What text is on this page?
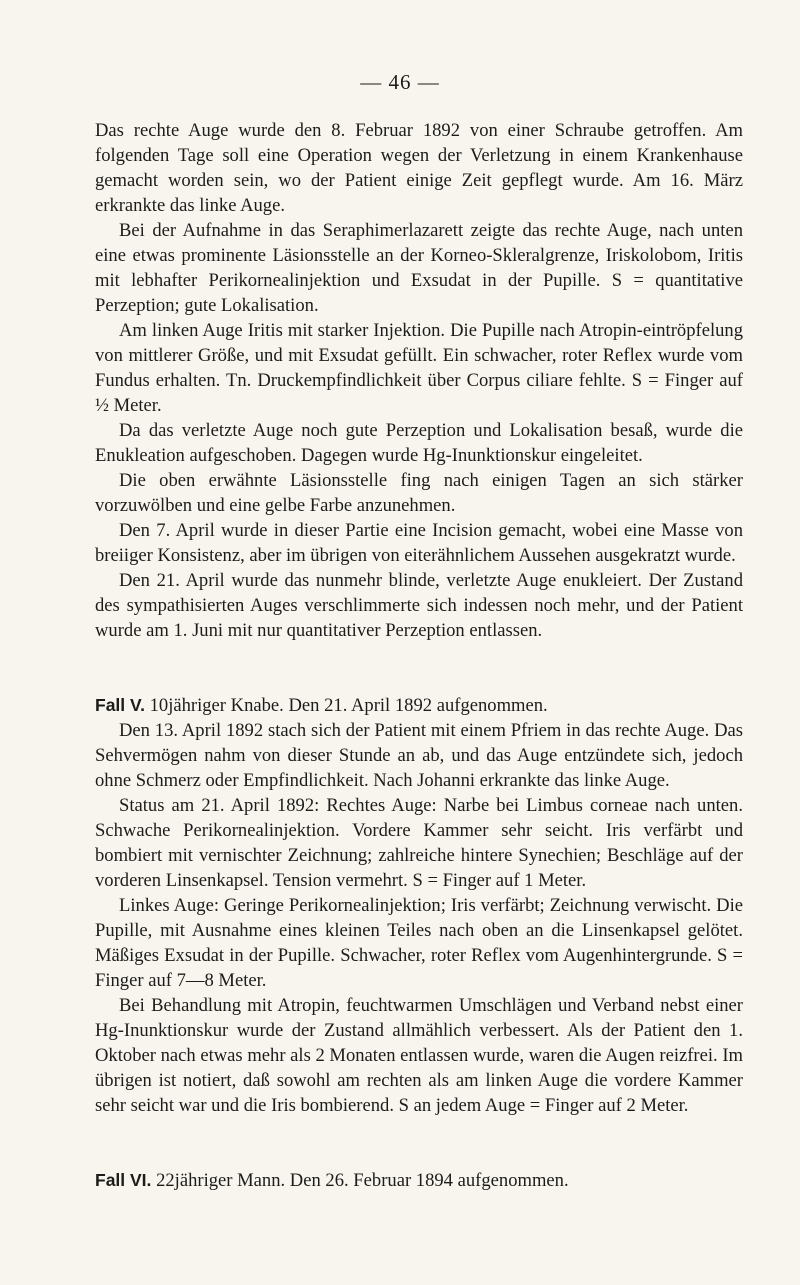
— 46 —

Das rechte Auge wurde den 8. Februar 1892 von einer Schraube getroffen. Am folgenden Tage soll eine Operation wegen der Verletzung in einem Krankenhause gemacht worden sein, wo der Patient einige Zeit gepflegt wurde. Am 16. März erkrankte das linke Auge.

Bei der Aufnahme in das Seraphimerlazarett zeigte das rechte Auge, nach unten eine etwas prominente Läsionsstelle an der Korneo-Skleralgrenze, Iriskolobom, Iritis mit lebhafter Perikornealinjektion und Exsudat in der Pupille. S = quantitative Perzeption; gute Lokalisation.

Am linken Auge Iritis mit starker Injektion. Die Pupille nach Atropin-eintröpfelung von mittlerer Größe, und mit Exsudat gefüllt. Ein schwacher, roter Reflex wurde vom Fundus erhalten. Tn. Druckempfindlichkeit über Corpus ciliare fehlte. S = Finger auf ½ Meter.

Da das verletzte Auge noch gute Perzeption und Lokalisation besaß, wurde die Enukleation aufgeschoben. Dagegen wurde Hg-Inunktionskur eingeleitet.

Die oben erwähnte Läsionsstelle fing nach einigen Tagen an sich stärker vorzuwölben und eine gelbe Farbe anzunehmen.

Den 7. April wurde in dieser Partie eine Incision gemacht, wobei eine Masse von breiiger Konsistenz, aber im übrigen von eiterähnlichem Aussehen ausgekratzt wurde.

Den 21. April wurde das nunmehr blinde, verletzte Auge enukleiert. Der Zustand des sympathisierten Auges verschlimmerte sich indessen noch mehr, und der Patient wurde am 1. Juni mit nur quantitativer Perzeption entlassen.

Fall V. 10jähriger Knabe. Den 21. April 1892 aufgenommen.

Den 13. April 1892 stach sich der Patient mit einem Pfriem in das rechte Auge. Das Sehvermögen nahm von dieser Stunde an ab, und das Auge entzündete sich, jedoch ohne Schmerz oder Empfindlichkeit. Nach Johanni erkrankte das linke Auge.

Status am 21. April 1892: Rechtes Auge: Narbe bei Limbus corneae nach unten. Schwache Perikornealinjektion. Vordere Kammer sehr seicht. Iris verfärbt und bombiert mit vernischter Zeichnung; zahlreiche hintere Synechien; Beschläge auf der vorderen Linsenkapsel. Tension vermehrt. S = Finger auf 1 Meter.

Linkes Auge: Geringe Perikornealinjektion; Iris verfärbt; Zeichnung verwischt. Die Pupille, mit Ausnahme eines kleinen Teiles nach oben an die Linsenkapsel gelötet. Mäßiges Exsudat in der Pupille. Schwacher, roter Reflex vom Augenhintergrunde. S = Finger auf 7—8 Meter.

Bei Behandlung mit Atropin, feuchtwarmen Umschlägen und Verband nebst einer Hg-Inunktionskur wurde der Zustand allmählich verbessert. Als der Patient den 1. Oktober nach etwas mehr als 2 Monaten entlassen wurde, waren die Augen reizfrei. Im übrigen ist notiert, daß sowohl am rechten als am linken Auge die vordere Kammer sehr seicht war und die Iris bombierend. S an jedem Auge = Finger auf 2 Meter.

Fall VI. 22jähriger Mann. Den 26. Februar 1894 aufgenommen.
